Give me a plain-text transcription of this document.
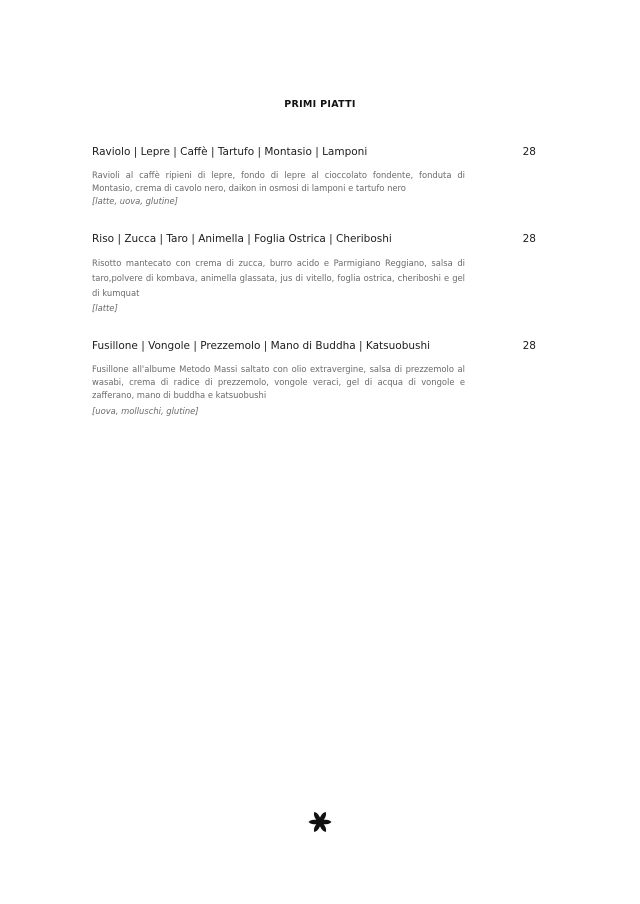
PRIMI PIATTI
Raviolo | Lepre | Caffè | Tartufo | Montasio | Lamponi	28
Ravioli al caffè ripieni di lepre, fondo di lepre al cioccolato fondente, fonduta di Montasio, crema di cavolo nero, daikon in osmosi di lamponi e tartufo nero
[latte, uova, glutine]
Riso | Zucca | Taro | Animella | Foglia Ostrica | Cheriboshi	28
Risotto mantecato con crema di zucca, burro acido e Parmigiano Reggiano, salsa di taro,polvere di kombava, animella glassata, jus di vitello, foglia ostrica, cheriboshi e gel di kumquat
[latte]
Fusillone | Vongole | Prezzemolo | Mano di Buddha | Katsuobushi	28
Fusillone all'albume Metodo Massi saltato con olio extravergine, salsa di prezzemolo al wasabi, crema di radice di prezzemolo, vongole veraci, gel di acqua di vongole e zafferano, mano di buddha e katsuobushi
[uova, molluschi, glutine]
